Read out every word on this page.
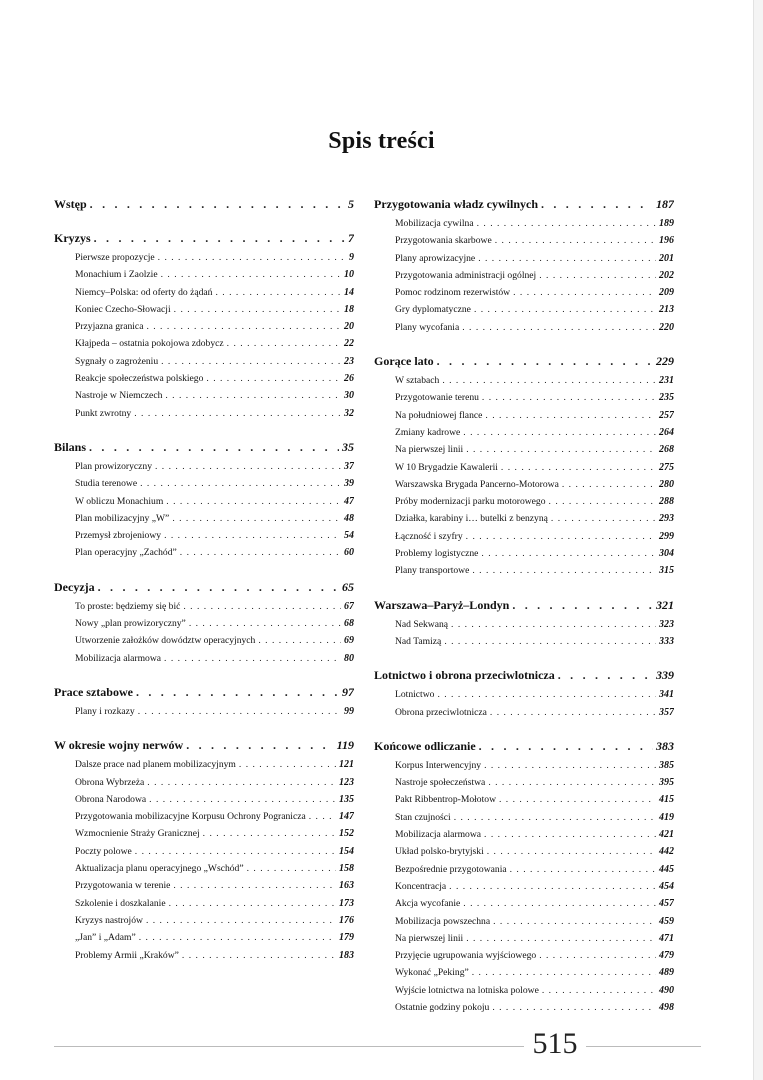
Spis treści
Wstęp . . .	5
Kryzys . . .	7
Pierwsze propozycje . . .	9
Monachium i Zaolzie . . .	10
Niemcy–Polska: od oferty do żądań . . .	14
Koniec Czecho-Słowacji . . .	18
Przyjazna granica . . .	20
Kłajpeda – ostatnia pokojowa zdobycz . . .	22
Sygnały o zagrożeniu . . .	23
Reakcje społeczeństwa polskiego . . .	26
Nastroje w Niemczech . . .	30
Punkt zwrotny . . .	32
Bilans . . .	35
Plan prowizoryczny . . .	37
Studia terenowe . . .	39
W obliczu Monachium . . .	47
Plan mobilizacyjny „W” . . .	48
Przemysł zbrojeniowy . . .	54
Plan operacyjny „Zachód” . . .	60
Decyzja . . .	65
To proste: będziemy się bić . . .	67
Nowy „plan prowizoryczny” . . .	68
Utworzenie założków dowództw operacyjnych . . .	69
Mobilizacja alarmowa . . .	80
Prace sztabowe . . .	97
Plany i rozkazy . . .	99
W okresie wojny nerwów . . .	119
Dalsze prace nad planem mobilizacyjnym . . .	121
Obrona Wybrzeża . . .	123
Obrona Narodowa . . .	135
Przygotowania mobilizacyjne Korpusu Ochrony Pogranicza . . .	147
Wzmocnienie Straży Granicznej . . .	152
Poczty polowe . . .	154
Aktualizacja planu operacyjnego „Wschód” . . .	158
Przygotowania w terenie . . .	163
Szkolenie i doszkalanie . . .	173
Kryzys nastrojów . . .	176
„Jan” i „Adam” . . .	179
Problemy Armii „Kraków” . . .	183
Przygotowania władz cywilnych . . .	187
Mobilizacja cywilna . . .	189
Przygotowania skarbowe . . .	196
Plany aprowizacyjne . . .	201
Przygotowania administracji ogólnej . . .	202
Pomoc rodzinom rezerwistów . . .	209
Gry dyplomatyczne . . .	213
Plany wycofania . . .	220
Gorące lato . . .	229
W sztabach . . .	231
Przygotowanie terenu . . .	235
Na południowej flance . . .	257
Zmiany kadrowe . . .	264
Na pierwszej linii . . .	268
W 10 Brygadzie Kawalerii . . .	275
Warszawska Brygada Pancerno-Motorowa . . .	280
Próby modernizacji parku motorowego . . .	288
Działka, karabiny i… butelki z benzyną . . .	293
Łączność i szyfry . . .	299
Problemy logistyczne . . .	304
Plany transportowe . . .	315
Warszawa–Paryż–Londyn . . .	321
Nad Sekwaną . . .	323
Nad Tamizą . . .	333
Lotnictwo i obrona przeciwlotnicza . . .	339
Lotnictwo . . .	341
Obrona przeciwlotnicza . . .	357
Końcowe odliczanie . . .	383
Korpus Interwencyjny . . .	385
Nastroje społeczeństwa . . .	395
Pakt Ribbentrop-Mołotow . . .	415
Stan czujności . . .	419
Mobilizacja alarmowa . . .	421
Układ polsko-brytyjski . . .	442
Bezpośrednie przygotowania . . .	445
Koncentracja . . .	454
Akcja wycofanie . . .	457
Mobilizacja powszechna . . .	459
Na pierwszej linii . . .	471
Przyjęcie ugrupowania wyjściowego . . .	479
Wykonać „Peking” . . .	489
Wyjście lotnictwa na lotniska polowe . . .	490
Ostatnie godziny pokoju . . .	498
515
